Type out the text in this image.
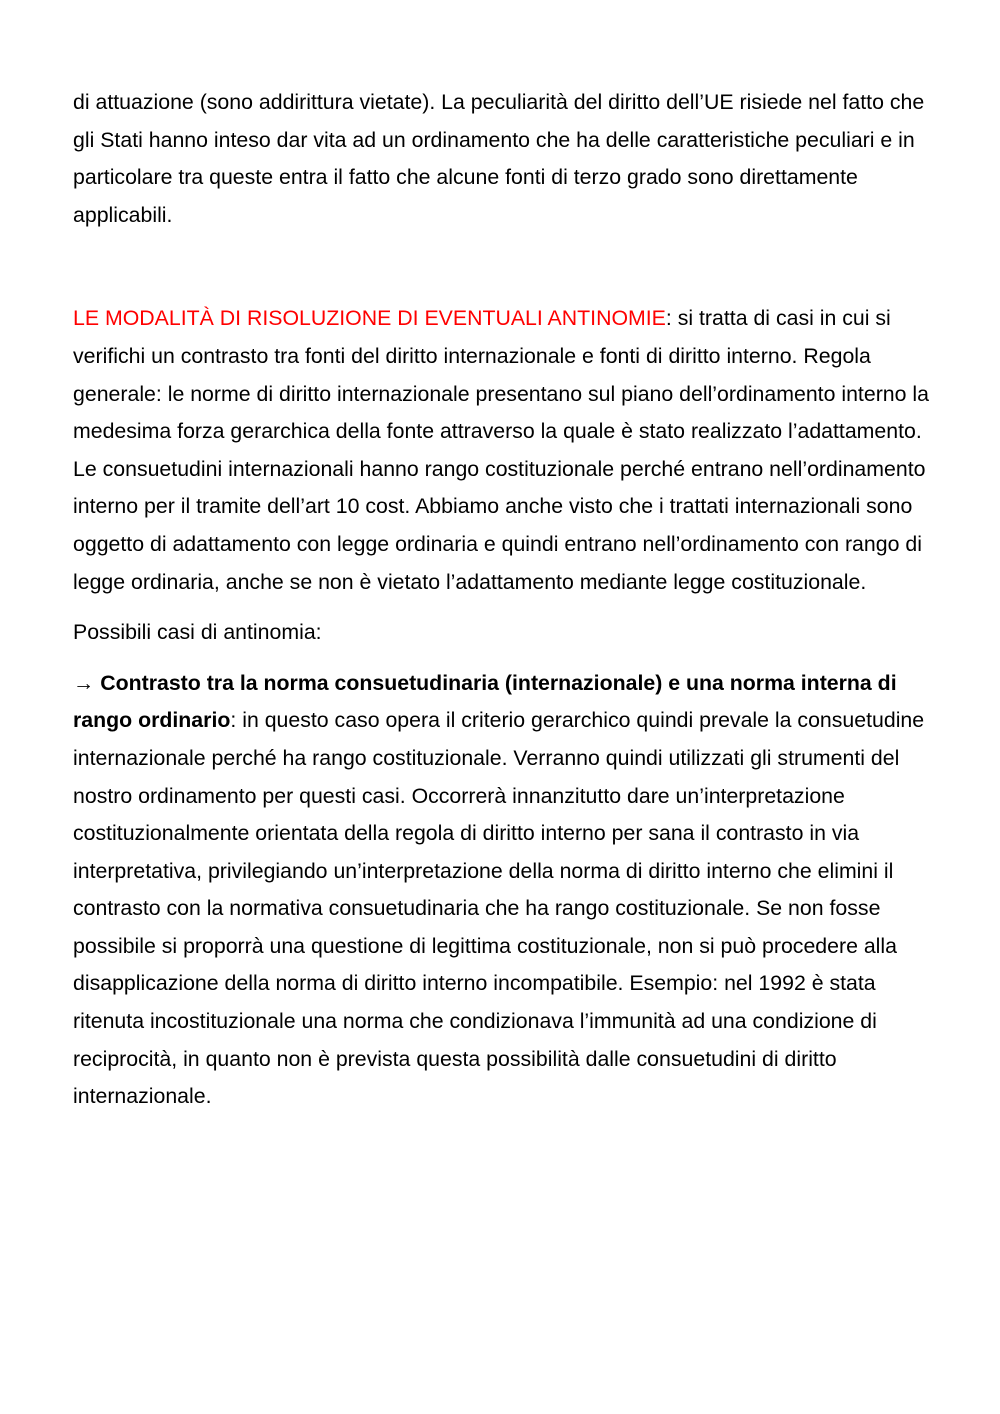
di attuazione (sono addirittura vietate). La peculiarità del diritto dell’UE risiede nel fatto che gli Stati hanno inteso dar vita ad un ordinamento che ha delle caratteristiche peculiari e in particolare tra queste entra il fatto che alcune fonti di terzo grado sono direttamente applicabili.

LE MODALITÀ DI RISOLUZIONE DI EVENTUALI ANTINOMIE: si tratta di casi in cui si verifichi un contrasto tra fonti del diritto internazionale e fonti di diritto interno. Regola generale: le norme di diritto internazionale presentano sul piano dell’ordinamento interno la medesima forza gerarchica della fonte attraverso la quale è stato realizzato l’adattamento. Le consuetudini internazionali hanno rango costituzionale perché entrano nell’ordinamento interno per il tramite dell’art 10 cost. Abbiamo anche visto che i trattati internazionali sono oggetto di adattamento con legge ordinaria e quindi entrano nell’ordinamento con rango di legge ordinaria, anche se non è vietato l’adattamento mediante legge costituzionale.

Possibili casi di antinomia:

→ Contrasto tra la norma consuetudinaria (internazionale) e una norma interna di rango ordinario: in questo caso opera il criterio gerarchico quindi prevale la consuetudine internazionale perché ha rango costituzionale. Verranno quindi utilizzati gli strumenti del nostro ordinamento per questi casi. Occorrerà innanzitutto dare un’interpretazione costituzionalmente orientata della regola di diritto interno per sana il contrasto in via interpretativa, privilegiando un’interpretazione della norma di diritto interno che elimini il contrasto con la normativa consuetudinaria che ha rango costituzionale. Se non fosse possibile si proporrà una questione di legittima costituzionale, non si può procedere alla disapplicazione della norma di diritto interno incompatibile. Esempio: nel 1992 è stata ritenuta incostituzionale una norma che condizionava l’immunità ad una condizione di reciprocità, in quanto non è prevista questa possibilità dalle consuetudini di diritto internazionale.
